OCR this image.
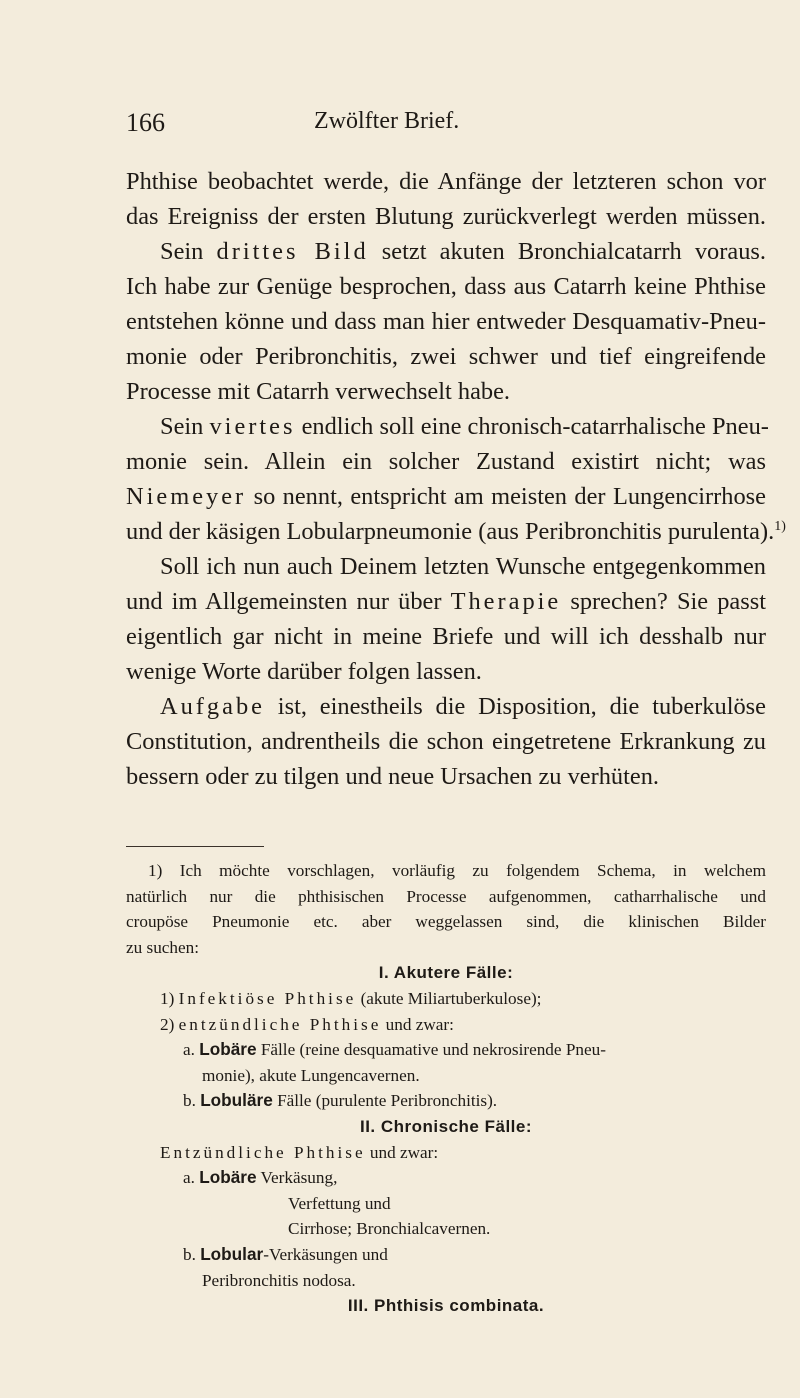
166	Zwölfter Brief.
Phthise beobachtet werde, die Anfänge der letzteren schon vor
das Ereigniss der ersten Blutung zurückverlegt werden müssen.
Sein drittes Bild setzt akuten Bronchialcatarrh voraus.
Ich habe zur Genüge besprochen, dass aus Catarrh keine Phthise
entstehen könne und dass man hier entweder Desquamativ-Pneu-
monie oder Peribronchitis, zwei schwer und tief eingreifende
Processe mit Catarrh verwechselt habe.
Sein viertes endlich soll eine chronisch-catarrhalische Pneu-
monie sein. Allein ein solcher Zustand existirt nicht; was
Niemeyer so nennt, entspricht am meisten der Lungencirrhose
und der käsigen Lobularpneumonie (aus Peribronchitis purulenta).$^{1)}$
Soll ich nun auch Deinem letzten Wunsche entgegenkommen
und im Allgemeinsten nur über Therapie sprechen? Sie passt
eigentlich gar nicht in meine Briefe und will ich desshalb nur
wenige Worte darüber folgen lassen.
Aufgabe ist, einestheils die Disposition, die tuberkulöse
Constitution, andrentheils die schon eingetretene Erkrankung zu
bessern oder zu tilgen und neue Ursachen zu verhüten.
1) Ich möchte vorschlagen, vorläufig zu folgendem Schema, in welchem
natürlich nur die phthisischen Processe aufgenommen, catharrhalische und
croupöse Pneumonie etc. aber weggelassen sind, die klinischen Bilder
zu suchen:
I. Akutere Fälle:
1) Infektiöse Phthise (akute Miliartuberkulose);
2) entzündliche Phthise und zwar:
a. Lobäre Fälle (reine desquamative und nekrosirende Pneu-
monie), akute Lungencavernen.
b. Lobuläre Fälle (purulente Peribronchitis).
II. Chronische Fälle:
Entzündliche Phthise und zwar:
a. Lobäre Verkäsung,
Verfettung und
Cirrhose; Bronchialcavernen.
b. Lobular-Verkäsungen und
Peribronchitis nodosa.
III. Phthisis combinata.
